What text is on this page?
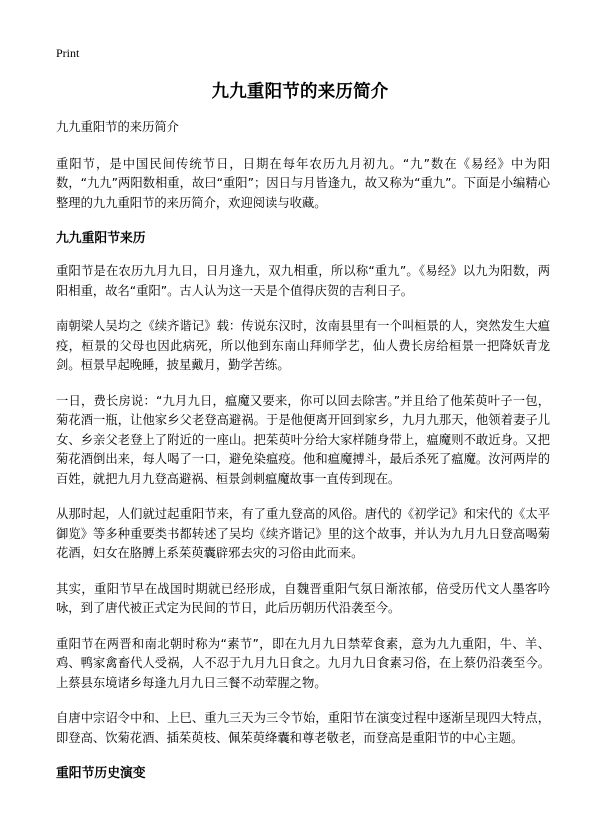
Print
九九重阳节的来历简介

九九重阳节的来历简介

重阳节，是中国民间传统节日，日期在每年农历九月初九。“九”数在《易经》中为阳数，“九九”两阳数相重，故曰“重阳”；因日与月皆逢九，故又称为“重九”。下面是小编精心整理的九九重阳节的来历简介，欢迎阅读与收藏。

九九重阳节来历

重阳节是在农历九月九日，日月逢九，双九相重，所以称“重九”。《易经》以九为阳数，两阳相重，故名“重阳”。古人认为这一天是个值得庆贺的吉利日子。

南朝梁人吴均之《续齐谐记》载：传说东汉时，汝南县里有一个叫桓景的人，突然发生大瘟疫，桓景的父母也因此病死，所以他到东南山拜师学艺，仙人费长房给桓景一把降妖青龙剑。桓景早起晚睡，披星戴月，勤学苦练。

一日，费长房说：“九月九日，瘟魔又要来，你可以回去除害。”并且给了他茱萸叶子一包，菊花酒一瓶，让他家乡父老登高避祸。于是他便离开回到家乡，九月九那天，他领着妻子儿女、乡亲父老登上了附近的一座山。把茱萸叶分给大家样随身带上，瘟魔则不敢近身。又把菊花酒倒出来，每人喝了一口，避免染瘟疫。他和瘟魔搏斗，最后杀死了瘟魔。汝河两岸的百姓，就把九月九登高避祸、桓景剑刺瘟魔故事一直传到现在。

从那时起，人们就过起重阳节来，有了重九登高的风俗。唐代的《初学记》和宋代的《太平御览》等多种重要类书都转述了吴均《续齐谐记》里的这个故事，并认为九月九日登高喝菊花酒，妇女在胳膊上系茱萸囊辟邪去灾的习俗由此而来。

其实，重阳节早在战国时期就已经形成，自魏晋重阳气氛日渐浓郁，倍受历代文人墨客吟咏，到了唐代被正式定为民间的节日，此后历朝历代沿袭至今。

重阳节在两晋和南北朝时称为“素节”，即在九月九日禁荤食素，意为九九重阳，牛、羊、鸡、鸭家禽畜代人受祸，人不忍于九月九日食之。九月九日食素习俗，在上蔡仍沿袭至今。上蔡县东境诸乡每逢九月九日三餐不动荤腥之物。

自唐中宗诏令中和、上巳、重九三天为三令节始，重阳节在演变过程中逐渐呈现四大特点，即登高、饮菊花酒、插茱萸枝、佩茱萸绛囊和尊老敬老，而登高是重阳节的中心主题。

重阳节历史演变
